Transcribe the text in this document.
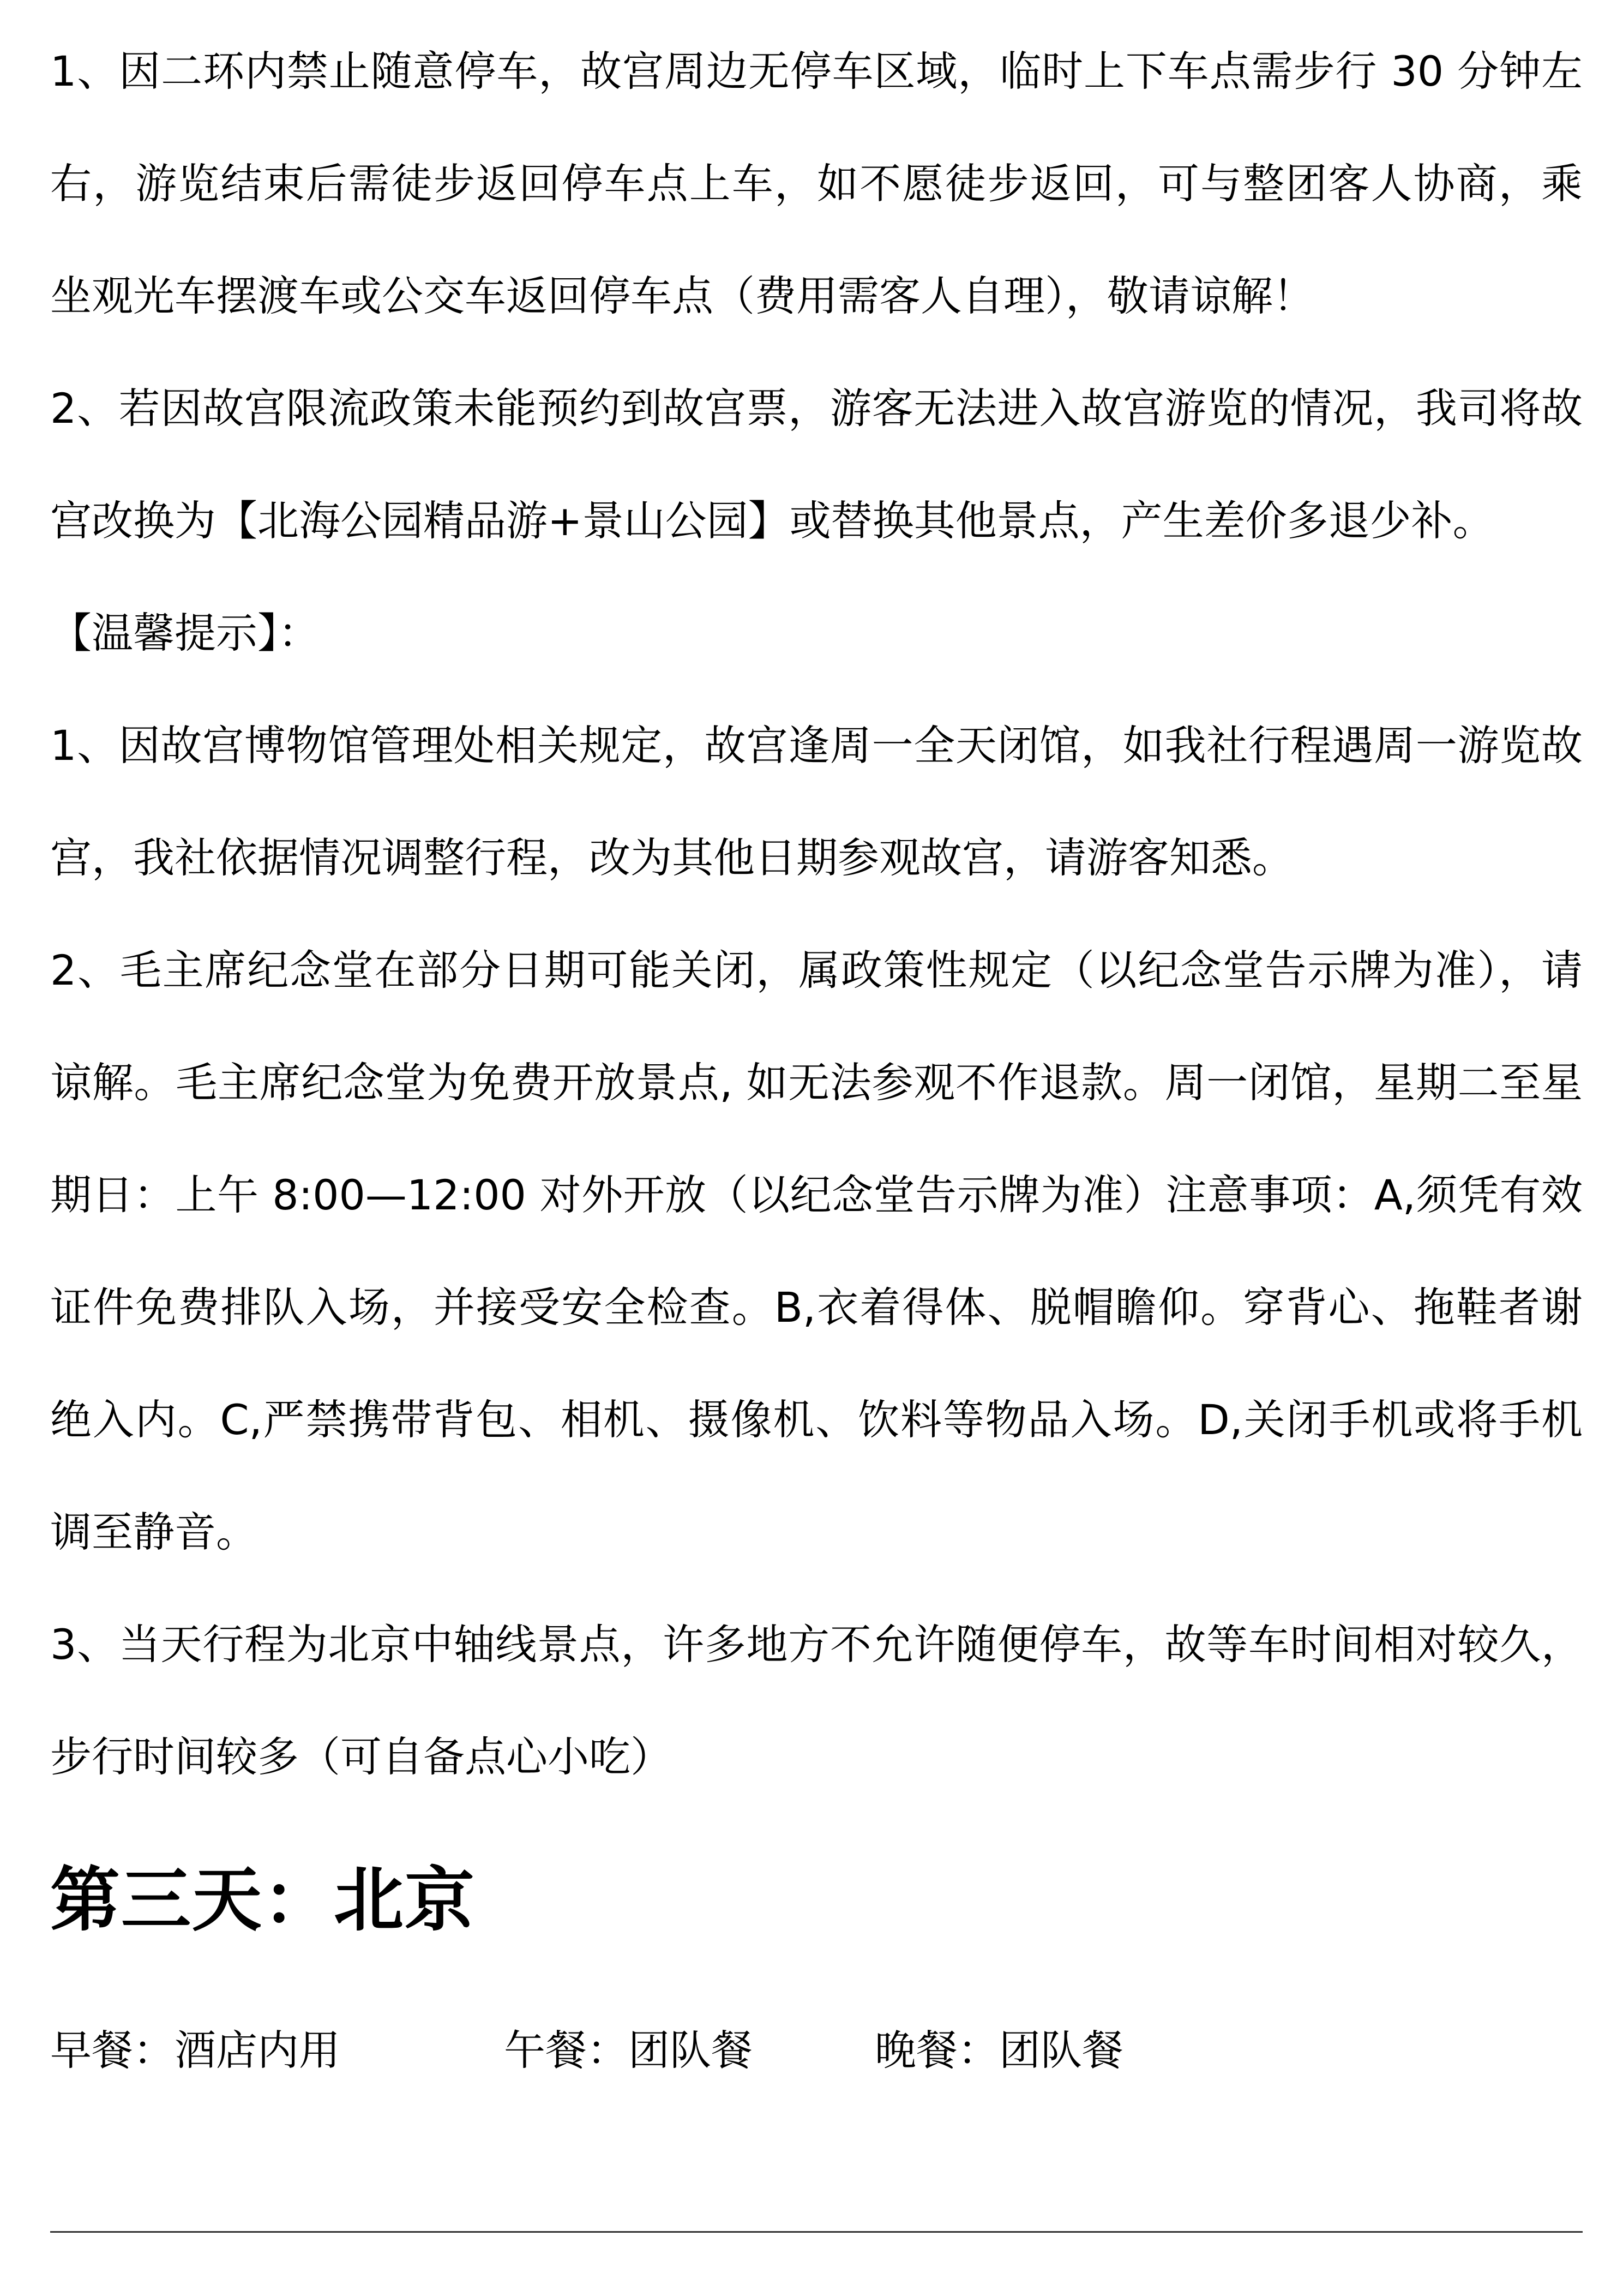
1、因二环内禁止随意停车，故宫周边无停车区域，临时上下车点需步行 30 分钟左右，游览结束后需徒步返回停车点上车，如不愿徒步返回，可与整团客人协商，乘坐观光车摆渡车或公交车返回停车点（费用需客人自理），敬请谅解！

2、若因故宫限流政策未能预约到故宫票，游客无法进入故宫游览的情况，我司将故宫改换为【北海公园精品游+景山公园】或替换其他景点，产生差价多退少补。

【温馨提示】：

1、因故宫博物馆管理处相关规定，故宫逢周一全天闭馆，如我社行程遇周一游览故宫，我社依据情况调整行程，改为其他日期参观故宫，请游客知悉。

2、毛主席纪念堂在部分日期可能关闭，属政策性规定（以纪念堂告示牌为准），请谅解。毛主席纪念堂为免费开放景点, 如无法参观不作退款。周一闭馆，星期二至星期日：上午 8:00—12:00 对外开放（以纪念堂告示牌为准）注意事项：A,须凭有效证件免费排队入场，并接受安全检查。B,衣着得体、脱帽瞻仰。穿背心、拖鞋者谢绝入内。C,严禁携带背包、相机、摄像机、饮料等物品入场。D,关闭手机或将手机调至静音。

3、当天行程为北京中轴线景点，许多地方不允许随便停车，故等车时间相对较久，步行时间较多（可自备点心小吃）

第三天：北京
早餐：酒店内用	午餐：团队餐	晚餐：团队餐
